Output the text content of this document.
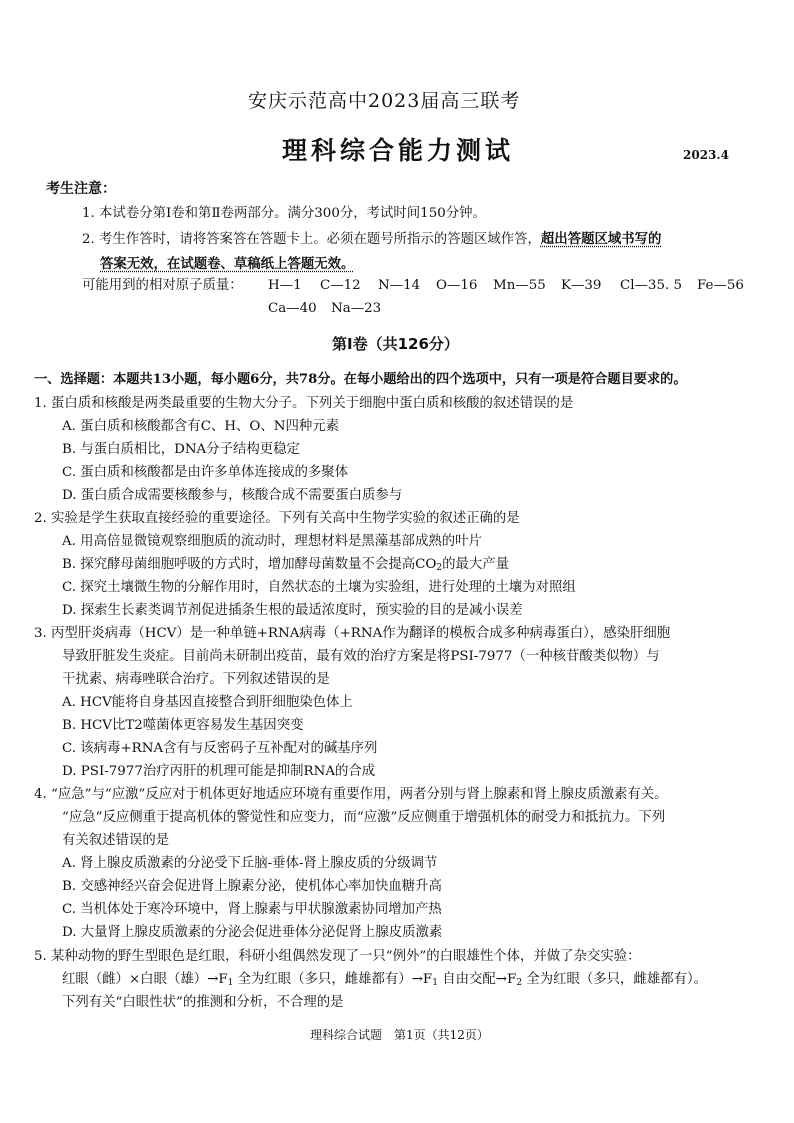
安庆示范高中2023届高三联考
理科综合能力测试	2023.4
考生注意：
1. 本试卷分第Ⅰ卷和第Ⅱ卷两部分。满分300分，考试时间150分钟。
2. 考生作答时，请将答案答在答题卡上。必须在题号所指示的答题区域作答，超出答题区域书写的
答案无效，在试题卷、草稿纸上答题无效。
可能用到的相对原子质量： H—1 C—12 N—14 O—16 Mn—55 K—39 Cl—35. 5 Fe—56
Ca—40 Na—23
第Ⅰ卷（共126分）
一、选择题：本题共13小题，每小题6分，共78分。在每小题给出的四个选项中，只有一项是符合题目要求的。
1. 蛋白质和核酸是两类最重要的生物大分子。下列关于细胞中蛋白质和核酸的叙述错误的是
A. 蛋白质和核酸都含有C、H、O、N四种元素
B. 与蛋白质相比，DNA分子结构更稳定
C. 蛋白质和核酸都是由许多单体连接成的多聚体
D. 蛋白质合成需要核酸参与，核酸合成不需要蛋白质参与
2. 实验是学生获取直接经验的重要途径。下列有关高中生物学实验的叙述正确的是
A. 用高倍显微镜观察细胞质的流动时，理想材料是黑藻基部成熟的叶片
B. 探究酵母菌细胞呼吸的方式时，增加酵母菌数量不会提高$CO_2$的最大产量
C. 探究土壤微生物的分解作用时，自然状态的土壤为实验组，进行处理的土壤为对照组
D. 探索生长素类调节剂促进插条生根的最适浓度时，预实验的目的是减小误差
3. 丙型肝炎病毒（HCV）是一种单链+RNA病毒（+RNA作为翻译的模板合成多种病毒蛋白），感染肝细胞
导致肝脏发生炎症。目前尚未研制出疫苗，最有效的治疗方案是将PSI-7977（一种核苷酸类似物）与
干扰素、病毒唑联合治疗。下列叙述错误的是
A. HCV能将自身基因直接整合到肝细胞染色体上
B. HCV比T2噬菌体更容易发生基因突变
C. 该病毒+RNA含有与反密码子互补配对的碱基序列
D. PSI-7977治疗丙肝的机理可能是抑制RNA的合成
4. “应急”与“应激”反应对于机体更好地适应环境有重要作用，两者分别与肾上腺素和肾上腺皮质激素有关。
“应急”反应侧重于提高机体的警觉性和应变力，而“应激”反应侧重于增强机体的耐受力和抵抗力。下列
有关叙述错误的是
A. 肾上腺皮质激素的分泌受下丘脑-垂体-肾上腺皮质的分级调节
B. 交感神经兴奋会促进肾上腺素分泌，使机体心率加快血糖升高
C. 当机体处于寒冷环境中，肾上腺素与甲状腺激素协同增加产热
D. 大量肾上腺皮质激素的分泌会促进垂体分泌促肾上腺皮质激素
5. 某种动物的野生型眼色是红眼，科研小组偶然发现了一只“例外”的白眼雄性个体，并做了杂交实验：
红眼（雌）×白眼（雄）$\to F_1$ 全为红眼（多只，雌雄都有）$\to F_1$ 自由交配$\to F_2$ 全为红眼（多只，雌雄都有）。
下列有关“白眼性状”的推测和分析，不合理的是
理科综合试题　第1页（共12页）
